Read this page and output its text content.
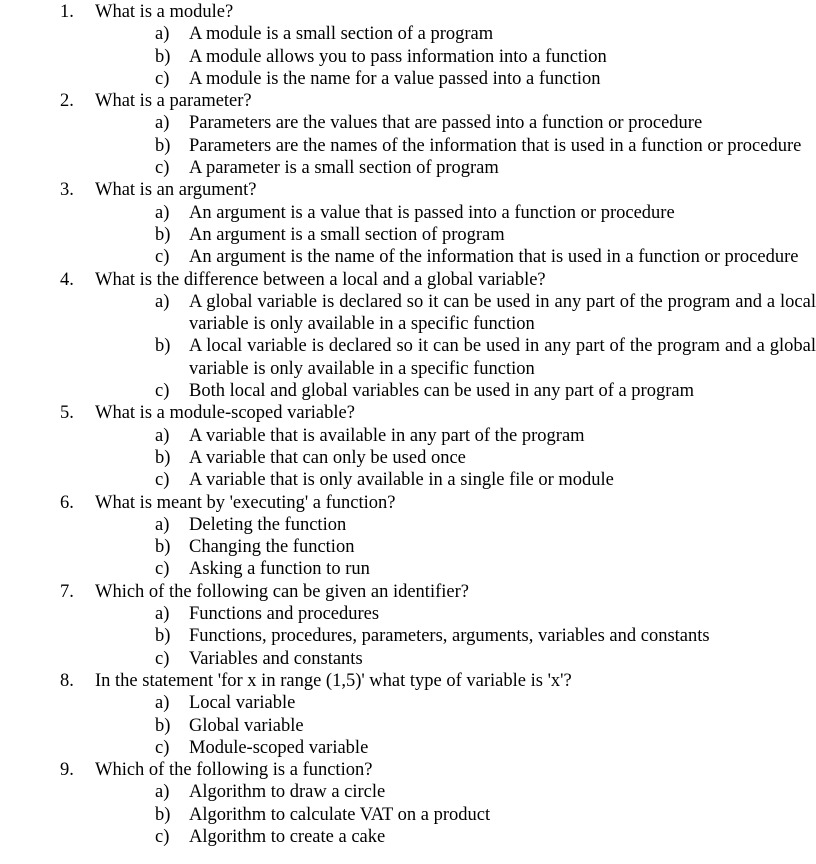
1. What is a module?
a) A module is a small section of a program
b) A module allows you to pass information into a function
c) A module is the name for a value passed into a function
2. What is a parameter?
a) Parameters are the values that are passed into a function or procedure
b) Parameters are the names of the information that is used in a function or procedure
c) A parameter is a small section of program
3. What is an argument?
a) An argument is a value that is passed into a function or procedure
b) An argument is a small section of program
c) An argument is the name of the information that is used in a function or procedure
4. What is the difference between a local and a global variable?
a) A global variable is declared so it can be used in any part of the program and a local variable is only available in a specific function
b) A local variable is declared so it can be used in any part of the program and a global variable is only available in a specific function
c) Both local and global variables can be used in any part of a program
5. What is a module-scoped variable?
a) A variable that is available in any part of the program
b) A variable that can only be used once
c) A variable that is only available in a single file or module
6. What is meant by 'executing' a function?
a) Deleting the function
b) Changing the function
c) Asking a function to run
7. Which of the following can be given an identifier?
a) Functions and procedures
b) Functions, procedures, parameters, arguments, variables and constants
c) Variables and constants
8. In the statement 'for x in range (1,5)' what type of variable is 'x'?
a) Local variable
b) Global variable
c) Module-scoped variable
9. Which of the following is a function?
a) Algorithm to draw a circle
b) Algorithm to calculate VAT on a product
c) Algorithm to create a cake
